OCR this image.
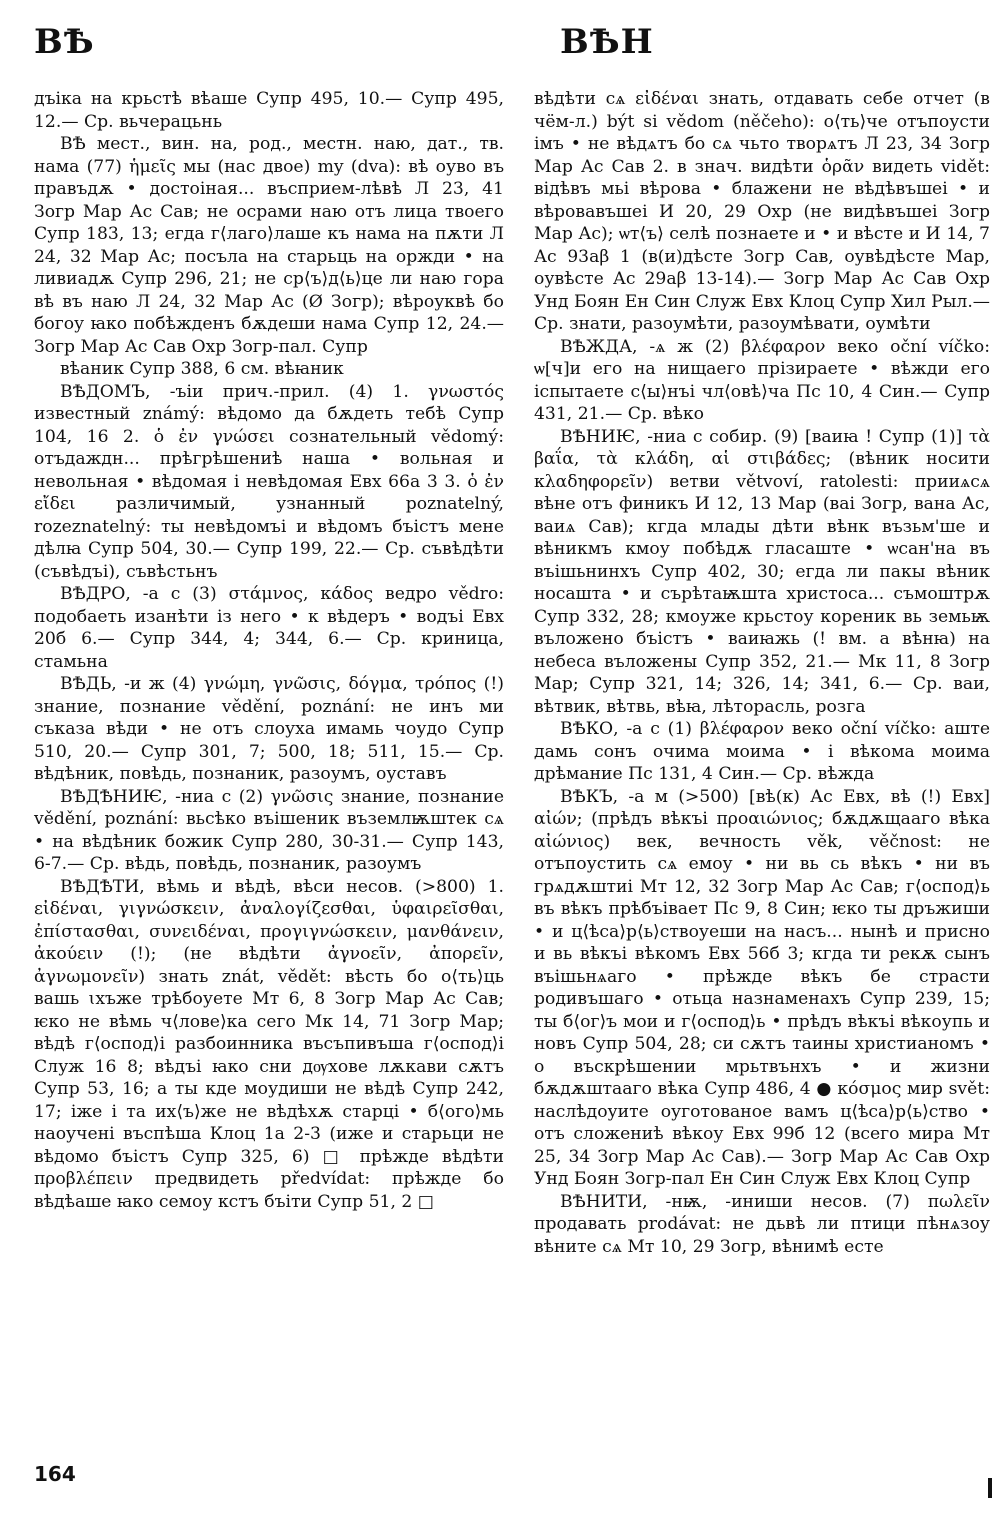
ВѢ	ВѢН

дъіка на крьстѣ вѣаше Супр 495, 10.— Супр 495, 12.— Ср. вьчерацьнь

ВѢ мест., вин. на, род., местн. наю, дат., тв. нама (77) ἡμεῖς мы (нас двое) my (dva): вѣ оуво въ правъдѫ • достоіная... въсприем-лѣвѣ Л 23, 41 Зогр Мар Ас Сав; не осрами наю отъ лица твоего Супр 183, 13; егда г⟨лаго⟩лаше къ нама на пѫти Л 24, 32 Мар Ас; посъла на старьць на оржди • на ливиадѫ Супр 296, 21; не ср⟨ъ⟩д⟨ь⟩це ли наю гора вѣ въ наю Л 24, 32 Мар Ас (Ø Зогр); вѣроуквѣ бо богоу ꙗко побѣжденъ бѫдеши нама Супр 12, 24.— Зогр Мар Ас Сав Охр Зогр-пал. Супр

вѣаник Супр 388, 6 см. вѣꙗник

ВѢДОМЪ, -ъіи прич.-прил. (4) 1. γνωστός известный známý: вѣдомо да бѫдеть тебѣ Супр 104, 16 2. ὁ ἐν γνώσει сознательный vědomý: отъдаждн... прѣгрѣшениѣ наша • вольная и невольная • вѣдомая і невѣдомая Евх 66а 3 3. ὁ ἐν εἴδει различимый, узнанный poznatelný, rozeznatelný: ты невѣдомъі и вѣдомъ бъістъ мене дѣлꙗ Супр 504, 30.— Супр 199, 22.— Ср. съвѣдѣти (съвѣдъі), съвѣстьнъ

ВѢДРО, -а с (3) στάμνος, κάδος ведро vědro: подобаеть изанѣти із него • к вѣдеръ • водъі Евх 20б 6.— Супр 344, 4; 344, 6.— Ср. криница, стамьна

ВѢДЬ, -и ж (4) γνώμη, γνῶσις, δόγμα, τρόπος (!) знание, познание vědění, poznání: не инъ ми съказа вѣди • не отъ слоуха имамь чоудо Супр 510, 20.— Супр 301, 7; 500, 18; 511, 15.— Ср. вѣдѣник, повѣдь, познаник, разоумъ, оуставъ

ВѢДѢНИѤ, -ниа с (2) γνῶσις знание, познание vědění, poznání: вьсѣко въішеник въземлѭштек сѧ • на вѣдѣник божик Супр 280, 30-31.— Супр 143, 6-7.— Ср. вѣдь, повѣдь, познаник, разоумъ

ВѢДѢТИ, вѣмь и вѣдѣ, вѣси несов. (>800) 1. εἰδέναι, γιγνώσκειν, ἀναλογίζεσθαι, ὑφαιρεῖσθαι, ἐπίστασθαι, συνειδέναι, προγιγνώσκειν, μανθάνειν, ἀκούειν (!); (не вѣдѣти ἀγνοεῖν, ἀπορεῖν, ἀγνωμονεῖν) знать znát, vědět: вѣсть бо о⟨ть⟩ць вашь ꙇхъже трѣбоуете Мт 6, 8 Зогр Мар Ас Сав; ѥко не вѣмь ч⟨лове⟩ка сего Мк 14, 71 Зогр Мар; вѣдѣ г⟨оспод⟩і разбоинника въсъпивъша г⟨оспод⟩і Служ 16 8; вѣдъі ꙗко сни дѹхове лѫкави сѫтъ Супр 53, 16; а ты кде моудиши не вѣдѣ Супр 242, 17; іже і та их⟨ъ⟩же не вѣдѣхѫ старці • б⟨ого⟩мь наоученi въспѣша Клоц 1а 2-3 (иже и старьци не вѣдомо бъістъ Супр 325, 6) □ прѣжде вѣдѣти προβλέπειν предвидеть předvídat: прѣжде бо вѣдѣаше ꙗко семоу кстъ бъіти Супр 51, 2 □

вѣдѣти сѧ εἰδέναι знать, отдавать себе отчет (в чём-л.) být si vědom (něčeho): о⟨ть⟩че отъпоусти імъ • не вѣдѧтъ бо сѧ чьто творѧтъ Л 23, 34 Зогр Мар Ас Сав 2. в знач. видѣти ὁρᾶν видеть vidět: відѣвъ мьі вѣрова • блажени не вѣдѣвъшеі • и вѣровавъшеі И 20, 29 Охр (не видѣвъшеі Зогр Мар Ас); ѡт⟨ъ⟩ селѣ познаете и • и вѣсте и И 14, 7 Ас 93aβ 1 (в(и)дѣсте Зогр Сав, оувѣдѣсте Мар, оувѣсте Ас 29aβ 13-14).— Зогр Мар Ас Сав Охр Унд Боян Ен Син Служ Евх Клоц Супр Хил Рыл.— Ср. знати, разоумѣти, разоумѣвати, оумѣти

ВѢЖДА, -ѧ ж (2) βλέφαρον веко oční víčko: ѡ[ч]и его на нищаего прізираете • вѣжди его іспытаете с⟨ы⟩нъі чл⟨овѣ⟩ча Пс 10, 4 Син.— Супр 431, 21.— Ср. вѣко

ВѢНИѤ, -ниа с собир. (9) [ваиꙗ ! Супр (1)] τὰ βαΐα, τὰ κλάδη, αἱ στιβάδες; (вѣник носити κλαδηφορεῖν) ветви větvoví, ratolesti: прииѧсѧ вѣне отъ финикъ И 12, 13 Мар (ваі Зогр, вана Ас, ваиѧ Сав); кгда млады дѣти вѣнк възьм'ше и вѣникмъ кмоу побѣдѫ гласаште • ѡсан'на въ въішьнинхъ Супр 402, 30; егда ли пакы вѣник носашта • и сърѣтаѭшта христоса... съмоштрѫ Супр 332, 28; кмоуже крьстоу кореник вь земьѭ въложено бъістъ • ваиꙗжь (! вм. а вѣнꙗ) на небеса въложены Супр 352, 21.— Мк 11, 8 Зогр Мар; Супр 321, 14; 326, 14; 341, 6.— Ср. ваи, вѣтвик, вѣтвь, вѣꙗ, лѣторасль, розга

ВѢКО, -а с (1) βλέφαρον веко oční víčko: аште дамь сонъ очима моима • і вѣкома моима дрѣмание Пс 131, 4 Син.— Ср. вѣжда

ВѢКЪ, -а м (>500) [вѣ(к) Ас Евх, вѣ (!) Евх] αἰών; (прѣдъ вѣкъі προαιώνιος; бѫдѫщааго вѣка αἰώνιος) век, вечность věk, věčnost: не отъпоустить сѧ емоу • ни вь сь вѣкъ • ни въ грѧдѫштиі Мт 12, 32 Зогр Мар Ас Сав; г⟨оспод⟩ь въ вѣкъ прѣбъівает Пс 9, 8 Син; ѥко ты дръжиши • и ц⟨ѣса⟩р⟨ь⟩ствоуеши на насъ... нынѣ и присно и вь вѣкъі вѣкомъ Евх 56б 3; кгда ти рекѫ сынъ въішьнѧаго • прѣжде вѣкъ бе страсти родивъшаго • отьца назнаменахъ Супр 239, 15; ты б⟨ог⟩ъ мои и г⟨оспод⟩ь • прѣдъ вѣкъі вѣкоупь и новъ Супр 504, 28; си сѫтъ таины христианомъ • о въскрѣшении мрьтвънхъ • и жизни бѫдѫштааго вѣка Супр 486, 4 ● κόσμος мир svět: наслѣдоуите оуготованое вамъ ц⟨ѣса⟩р⟨ь⟩ство • отъ сложениѣ вѣкоу Евх 99б 12 (всего мира Мт 25, 34 Зогр Мар Ас Сав).— Зогр Мар Ас Сав Охр Унд Боян Зогр-пал Ен Син Служ Евх Клоц Супр

ВѢНИТИ, -нѭ, -иниши несов. (7) πωλεῖν продавать prodávat: не дьвѣ ли птици пѣнѧзоу вѣните сѧ Мт 10, 29 Зогр, вѣнимѣ есте

164
